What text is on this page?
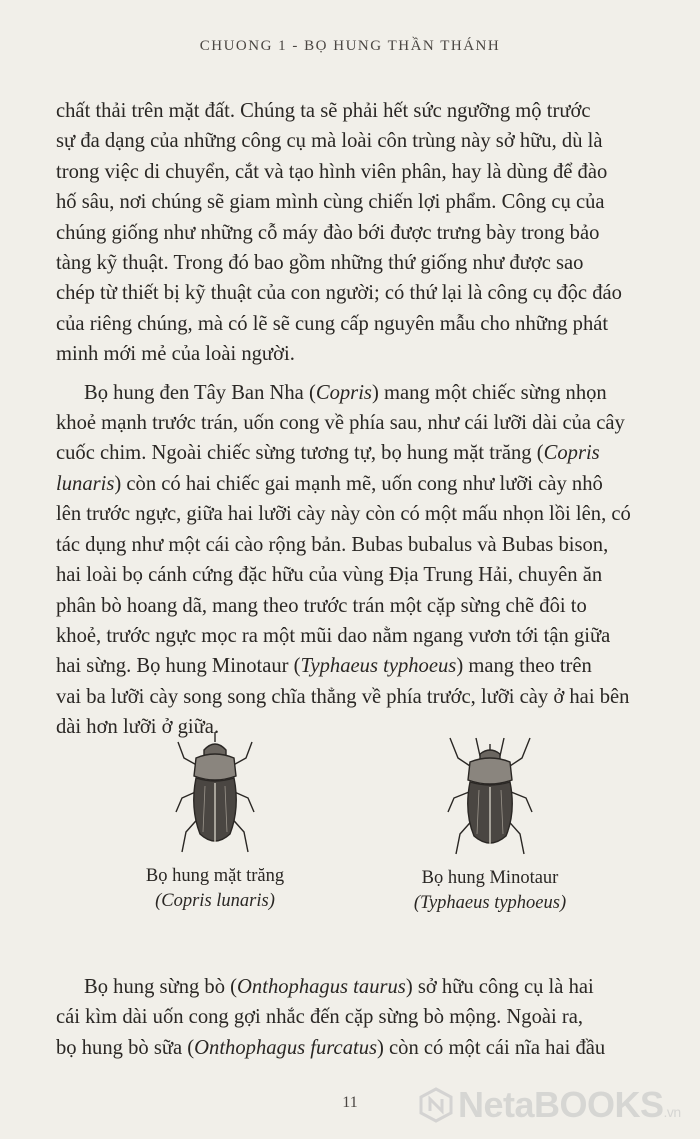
CHUONG 1 - BỌ HUNG THẦN THÁNH
chất thải trên mặt đất. Chúng ta sẽ phải hết sức ngưỡng mộ trước
sự đa dạng của những công cụ mà loài côn trùng này sở hữu, dù là
trong việc di chuyển, cắt và tạo hình viên phân, hay là dùng để đào
hố sâu, nơi chúng sẽ giam mình cùng chiến lợi phẩm. Công cụ của
chúng giống như những cỗ máy đào bới được trưng bày trong bảo
tàng kỹ thuật. Trong đó bao gồm những thứ giống như được sao
chép từ thiết bị kỹ thuật của con người; có thứ lại là công cụ độc đáo
của riêng chúng, mà có lẽ sẽ cung cấp nguyên mẫu cho những phát
minh mới mẻ của loài người.
Bọ hung đen Tây Ban Nha (Copris) mang một chiếc sừng nhọn
khoẻ mạnh trước trán, uốn cong về phía sau, như cái lưỡi dài của cây
cuốc chim. Ngoài chiếc sừng tương tự, bọ hung mặt trăng (Copris
lunaris) còn có hai chiếc gai mạnh mẽ, uốn cong như lưỡi cày nhô
lên trước ngực, giữa hai lưỡi cày này còn có một mấu nhọn lồi lên, có
tác dụng như một cái cào rộng bản. Bubas bubalus và Bubas bison,
hai loài bọ cánh cứng đặc hữu của vùng Địa Trung Hải, chuyên ăn
phân bò hoang dã, mang theo trước trán một cặp sừng chẽ đôi to
khoẻ, trước ngực mọc ra một mũi dao nằm ngang vươn tới tận giữa
hai sừng. Bọ hung Minotaur (Typhaeus typhoeus) mang theo trên
vai ba lưỡi cày song song chĩa thẳng về phía trước, lưỡi cày ở hai bên
dài hơn lưỡi ở giữa.
Bọ hung mặt trăng
(Copris lunaris)
Bọ hung Minotaur
(Typhaeus typhoeus)
Bọ hung sừng bò (Onthophagus taurus) sở hữu công cụ là hai
cái kìm dài uốn cong gợi nhắc đến cặp sừng bò mộng. Ngoài ra,
bọ hung bò sữa (Onthophagus furcatus) còn có một cái nĩa hai đầu
11	NetaBOOKS.vn
